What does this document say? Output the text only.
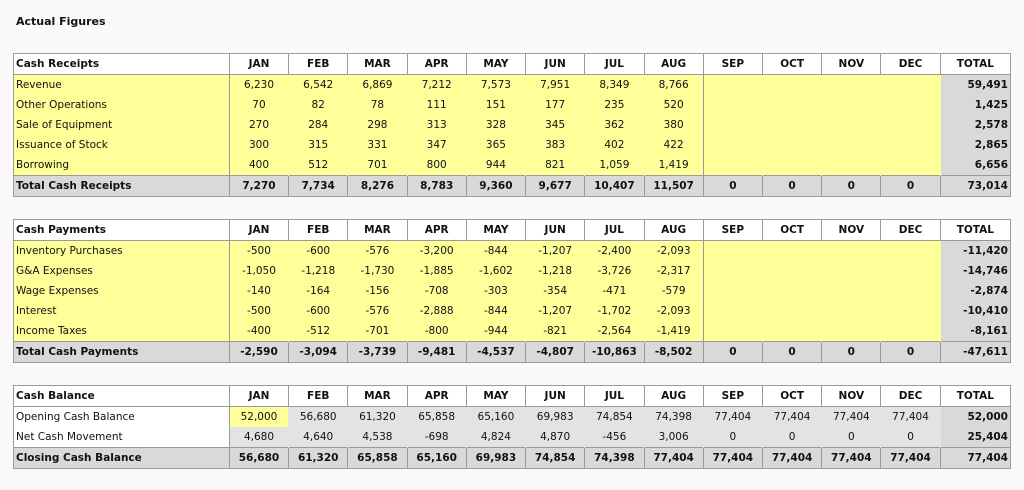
Actual Figures
Cash Receipts	JAN	FEB	MAR	APR	MAY	JUN	JUL	AUG	SEP	OCT	NOV	DEC	TOTAL
Revenue	6,230	6,542	6,869	7,212	7,573	7,951	8,349	8,766					59,491
Other Operations	70	82	78	111	151	177	235	520					1,425
Sale of Equipment	270	284	298	313	328	345	362	380					2,578
Issuance of Stock	300	315	331	347	365	383	402	422					2,865
Borrowing	400	512	701	800	944	821	1,059	1,419					6,656
Total Cash Receipts	7,270	7,734	8,276	8,783	9,360	9,677	10,407	11,507	0	0	0	0	73,014
Cash Payments	JAN	FEB	MAR	APR	MAY	JUN	JUL	AUG	SEP	OCT	NOV	DEC	TOTAL
Inventory Purchases	-500	-600	-576	-3,200	-844	-1,207	-2,400	-2,093					-11,420
G&A Expenses	-1,050	-1,218	-1,730	-1,885	-1,602	-1,218	-3,726	-2,317					-14,746
Wage Expenses	-140	-164	-156	-708	-303	-354	-471	-579					-2,874
Interest	-500	-600	-576	-2,888	-844	-1,207	-1,702	-2,093					-10,410
Income Taxes	-400	-512	-701	-800	-944	-821	-2,564	-1,419					-8,161
Total Cash Payments	-2,590	-3,094	-3,739	-9,481	-4,537	-4,807	-10,863	-8,502	0	0	0	0	-47,611
Cash Balance	JAN	FEB	MAR	APR	MAY	JUN	JUL	AUG	SEP	OCT	NOV	DEC	TOTAL
Opening Cash Balance	52,000	56,680	61,320	65,858	65,160	69,983	74,854	74,398	77,404	77,404	77,404	77,404	52,000
Net Cash Movement	4,680	4,640	4,538	-698	4,824	4,870	-456	3,006	0	0	0	0	25,404
Closing Cash Balance	56,680	61,320	65,858	65,160	69,983	74,854	74,398	77,404	77,404	77,404	77,404	77,404	77,404
